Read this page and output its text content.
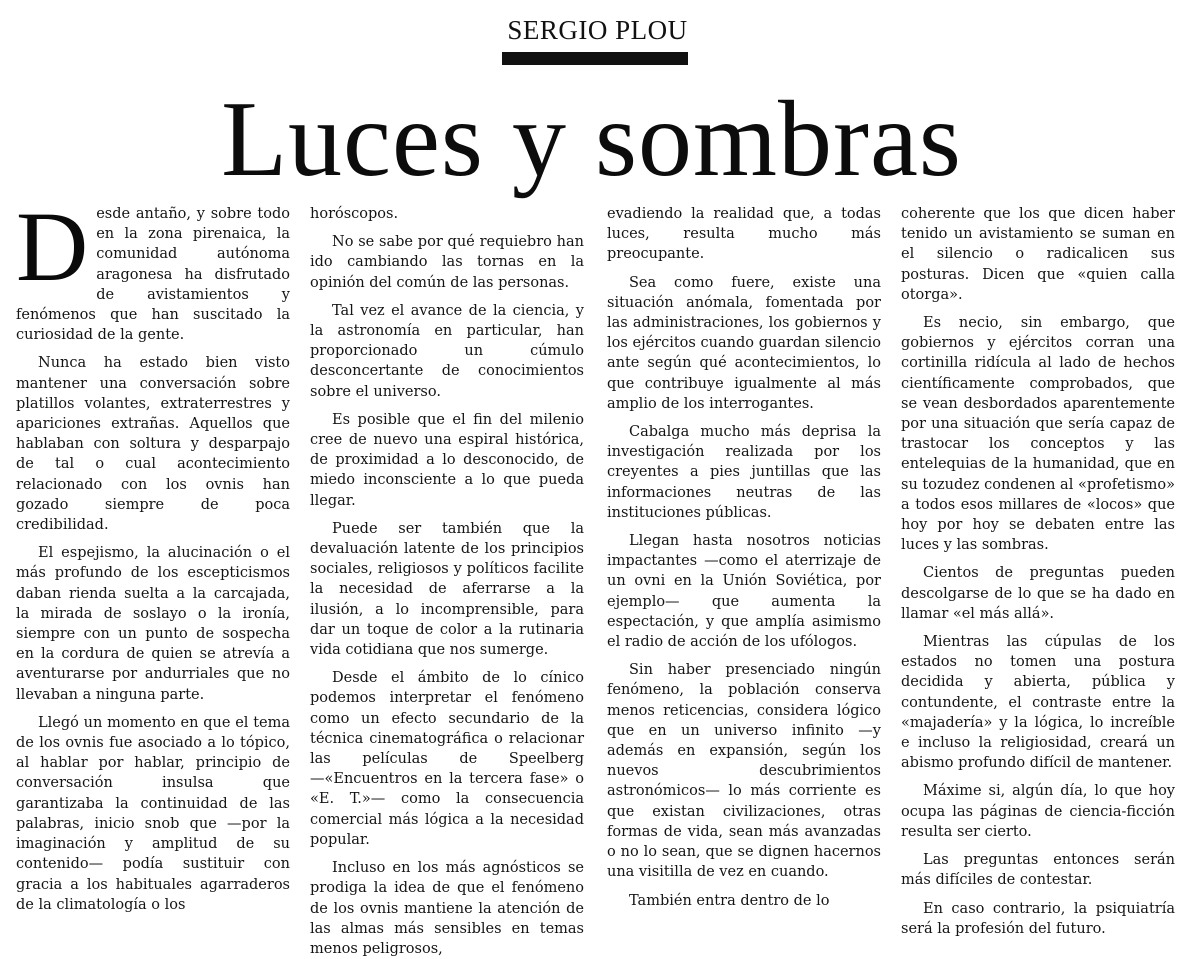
SERGIO PLOU
Luces y sombras

Desde antaño, y sobre todo en la zona pirenaica, la comunidad autónoma aragonesa ha disfrutado de avistamientos y fenómenos que han suscitado la curiosidad de la gente.

Nunca ha estado bien visto mantener una conversación sobre platillos volantes, extraterrestres y apariciones extrañas. Aquellos que hablaban con soltura y desparpajo de tal o cual acontecimiento relacionado con los ovnis han gozado siempre de poca credibilidad.

El espejismo, la alucinación o el más profundo de los escepticismos daban rienda suelta a la carcajada, la mirada de soslayo o la ironía, siempre con un punto de sospecha en la cordura de quien se atrevía a aventurarse por andurriales que no llevaban a ninguna parte.

Llegó un momento en que el tema de los ovnis fue asociado a lo tópico, al hablar por hablar, principio de conversación insulsa que garantizaba la continuidad de las palabras, inicio snob que —por la imaginación y amplitud de su contenido— podía sustituir con gracia a los habituales agarraderos de la climatología o los

horóscopos.

No se sabe por qué requiebro han ido cambiando las tornas en la opinión del común de las personas.

Tal vez el avance de la ciencia, y la astronomía en particular, han proporcionado un cúmulo desconcertante de conocimientos sobre el universo.

Es posible que el fin del milenio cree de nuevo una espiral histórica, de proximidad a lo desconocido, de miedo inconsciente a lo que pueda llegar.

Puede ser también que la devaluación latente de los principios sociales, religiosos y políticos facilite la necesidad de aferrarse a la ilusión, a lo incomprensible, para dar un toque de color a la rutinaria vida cotidiana que nos sumerge.

Desde el ámbito de lo cínico podemos interpretar el fenómeno como un efecto secundario de la técnica cinematográfica o relacionar las películas de Speelberg —«Encuentros en la tercera fase» o «E. T.»— como la consecuencia comercial más lógica a la necesidad popular.

Incluso en los más agnósticos se prodiga la idea de que el fenómeno de los ovnis mantiene la atención de las almas más sensibles en temas menos peligrosos,

evadiendo la realidad que, a todas luces, resulta mucho más preocupante.

Sea como fuere, existe una situación anómala, fomentada por las administraciones, los gobiernos y los ejércitos cuando guardan silencio ante según qué acontecimientos, lo que contribuye igualmente al más amplio de los interrogantes.

Cabalga mucho más deprisa la investigación realizada por los creyentes a pies juntillas que las informaciones neutras de las instituciones públicas.

Llegan hasta nosotros noticias impactantes —como el aterrizaje de un ovni en la Unión Soviética, por ejemplo— que aumenta la espectación, y que amplía asimismo el radio de acción de los ufólogos.

Sin haber presenciado ningún fenómeno, la población conserva menos reticencias, considera lógico que en un universo infinito —y además en expansión, según los nuevos descubrimientos astronómicos— lo más corriente es que existan civilizaciones, otras formas de vida, sean más avanzadas o no lo sean, que se dignen hacernos una visitilla de vez en cuando.

También entra dentro de lo

coherente que los que dicen haber tenido un avistamiento se suman en el silencio o radicalicen sus posturas. Dicen que «quien calla otorga».

Es necio, sin embargo, que gobiernos y ejércitos corran una cortinilla ridícula al lado de hechos científicamente comprobados, que se vean desbordados aparentemente por una situación que sería capaz de trastocar los conceptos y las entelequias de la humanidad, que en su tozudez condenen al «profetismo» a todos esos millares de «locos» que hoy por hoy se debaten entre las luces y las sombras.

Cientos de preguntas pueden descolgarse de lo que se ha dado en llamar «el más allá».

Mientras las cúpulas de los estados no tomen una postura decidida y abierta, pública y contundente, el contraste entre la «majadería» y la lógica, lo increíble e incluso la religiosidad, creará un abismo profundo difícil de mantener.

Máxime si, algún día, lo que hoy ocupa las páginas de ciencia-ficción resulta ser cierto.

Las preguntas entonces serán más difíciles de contestar.

En caso contrario, la psiquiatría será la profesión del futuro.
